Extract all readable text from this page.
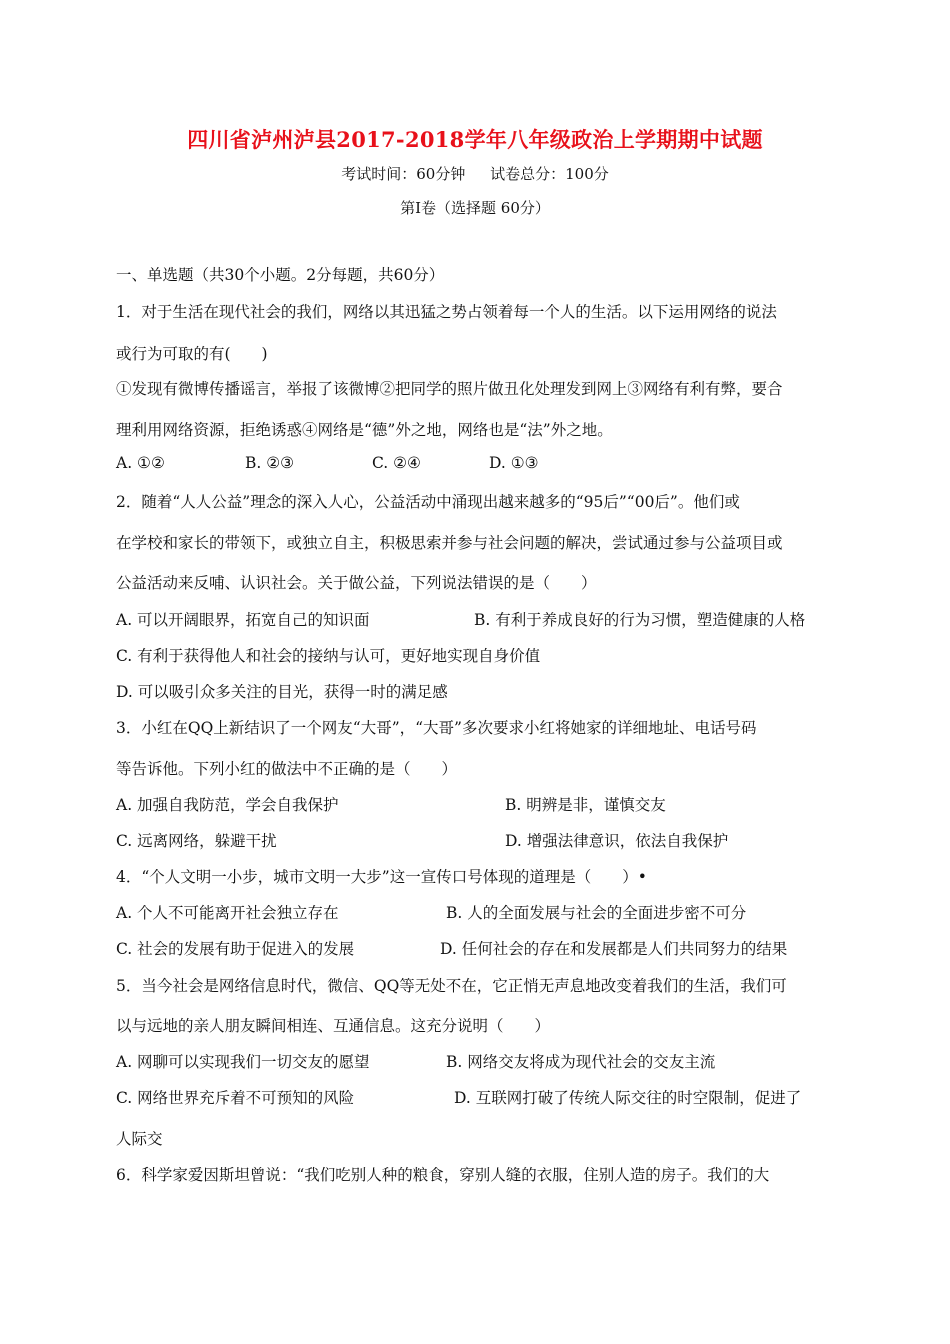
四川省泸州泸县2017-2018学年八年级政治上学期期中试题
考试时间：60分钟 试卷总分：100分
第I卷（选择题 60分）
一、单选题（共30个小题。2分每题，共60分）
1．对于生活在现代社会的我们，网络以其迅猛之势占领着每一个人的生活。以下运用网络的说法
或行为可取的有(　　)
①发现有微博传播谣言，举报了该微博②把同学的照片做丑化处理发到网上③网络有利有弊，要合
理利用网络资源，拒绝诱惑④网络是“德”外之地，网络也是“法”外之地。
A. ①②	B. ②③	C. ②④	D. ①③
2．随着“人人公益”理念的深入人心，公益活动中涌现出越来越多的“95后”“00后”。他们或
在学校和家长的带领下，或独立自主，积极思索并参与社会问题的解决，尝试通过参与公益项目或
公益活动来反哺、认识社会。关于做公益，下列说法错误的是（　　）
A. 可以开阔眼界，拓宽自己的知识面	B. 有利于养成良好的行为习惯，塑造健康的人格
C. 有利于获得他人和社会的接纳与认可，更好地实现自身价值
D. 可以吸引众多关注的目光，获得一时的满足感
3．小红在QQ上新结识了一个网友“大哥”，“大哥”多次要求小红将她家的详细地址、电话号码
等告诉他。下列小红的做法中不正确的是（　　）
A. 加强自我防范，学会自我保护	B. 明辨是非，谨慎交友
C. 远离网络，躲避干扰	D. 增强法律意识，依法自我保护
4．“个人文明一小步，城市文明一大步”这一宣传口号体现的道理是（　　）•
A. 个人不可能离开社会独立存在	B. 人的全面发展与社会的全面进步密不可分
C. 社会的发展有助于促进入的发展	D. 任何社会的存在和发展都是人们共同努力的结果
5．当今社会是网络信息时代，微信、QQ等无处不在，它正悄无声息地改变着我们的生活，我们可
以与远地的亲人朋友瞬间相连、互通信息。这充分说明（　　）
A. 网聊可以实现我们一切交友的愿望	B. 网络交友将成为现代社会的交友主流
C. 网络世界充斥着不可预知的风险	D. 互联网打破了传统人际交往的时空限制，促进了
人际交
6．科学家爱因斯坦曾说：“我们吃别人种的粮食，穿别人缝的衣服，住别人造的房子。我们的大
